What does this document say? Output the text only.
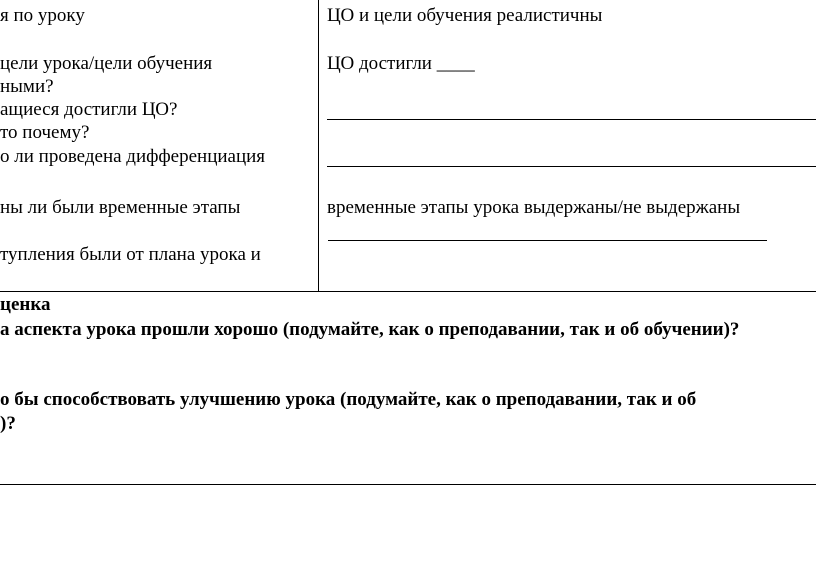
я по уроку
цели урока/цели обучения
ными?
ащиеся достигли ЦО?
то почему?
о ли проведена дифференциация
ны ли были временные этапы
тупления были от плана урока и
ЦО и цели обучения реалистичны
ЦО достигли ____
временные этапы урока выдержаны/не выдержаны
ценка
а аспекта урока прошли хорошо (подумайте, как о преподавании, так и об обучении)?
о бы способствовать улучшению урока (подумайте, как о преподавании, так и об
)?
